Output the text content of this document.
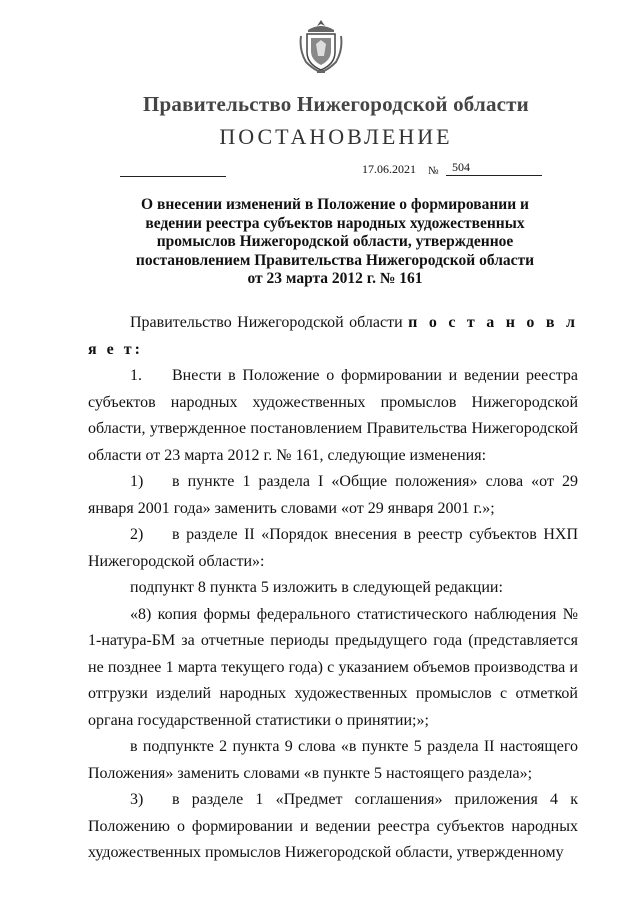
Правительство Нижегородской области
ПОСТАНОВЛЕНИЕ
17.06.2021 №	504
О внесении изменений в Положение о формировании и
ведении реестра субъектов народных художественных
промыслов Нижегородской области, утвержденное
постановлением Правительства Нижегородской области
от 23 марта 2012 г. № 161

Правительство Нижегородской области п о с т а н о в л я е т:

1. Внести в Положение о формировании и ведении реестра субъектов народных художественных промыслов Нижегородской области, утвержденное постановлением Правительства Нижегородской области от 23 марта 2012 г. № 161, следующие изменения:

1) в пункте 1 раздела I «Общие положения» слова «от 29 января 2001 года» заменить словами «от 29 января 2001 г.»;

2) в разделе II «Порядок внесения в реестр субъектов НХП Нижегородской области»:

подпункт 8 пункта 5 изложить в следующей редакции:

«8) копия формы федерального статистического наблюдения № 1-натура-БМ за отчетные периоды предыдущего года (представляется не позднее 1 марта текущего года) с указанием объемов производства и отгрузки изделий народных художественных промыслов с отметкой органа государственной статистики о принятии;»;

в подпункте 2 пункта 9 слова «в пункте 5 раздела II настоящего Положения» заменить словами «в пункте 5 настоящего раздела»;

3) в разделе 1 «Предмет соглашения» приложения 4 к Положению о формировании и ведении реестра субъектов народных художественных промыслов Нижегородской области, утвержденному
